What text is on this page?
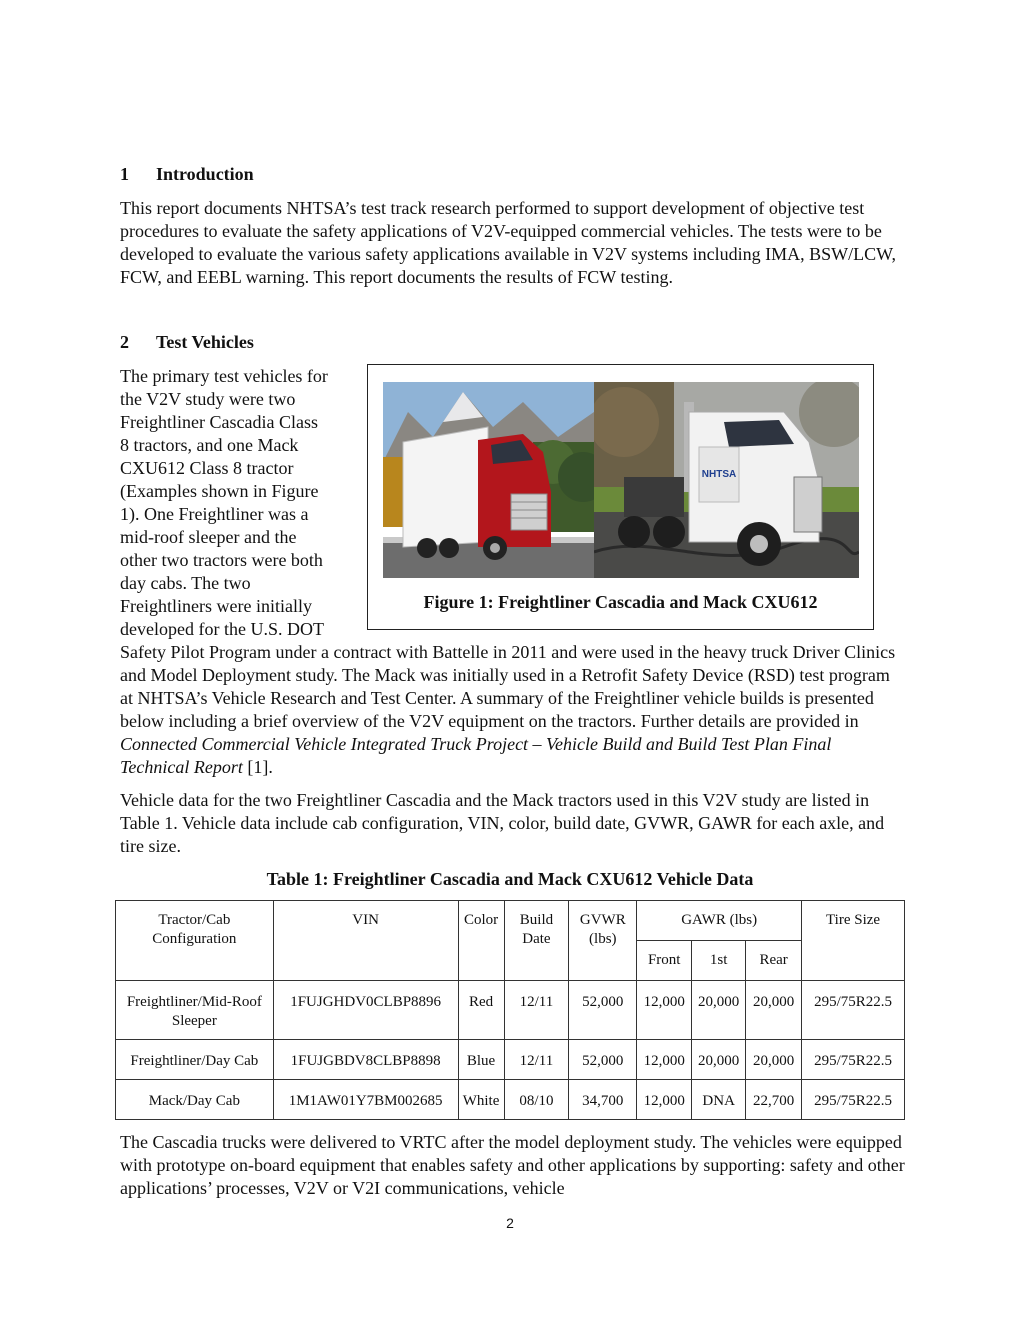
1 Introduction

This report documents NHTSA’s test track research performed to support development of objective test procedures to evaluate the safety applications of V2V-equipped commercial vehicles. The tests were to be developed to evaluate the various safety applications available in V2V systems including IMA, BSW/LCW, FCW, and EEBL warning. This report documents the results of FCW testing.

2 Test Vehicles
The primary test vehicles for
the V2V study were two
Freightliner Cascadia Class
8 tractors, and one Mack
CXU612 Class 8 tractor
(Examples shown in Figure
1). One Freightliner was a
mid-roof sleeper and the
other two tractors were both
day cabs. The two
Freightliners were initially
developed for the U.S. DOT

Safety Pilot Program under a contract with Battelle in 2011 and were used in the heavy truck Driver Clinics and Model Deployment study. The Mack was initially used in a Retrofit Safety Device (RSD) test program at NHTSA’s Vehicle Research and Test Center. A summary of the Freightliner vehicle builds is presented below including a brief overview of the V2V equipment on the tractors. Further details are provided in Connected Commercial Vehicle Integrated Truck Project – Vehicle Build and Build Test Plan Final Technical Report [1].

Vehicle data for the two Freightliner Cascadia and the Mack tractors used in this V2V study are listed in Table 1. Vehicle data include cab configuration, VIN, color, build date, GVWR, GAWR for each axle, and tire size.

NHTSA
Figure 1: Freightliner Cascadia and Mack CXU612
Table 1: Freightliner Cascadia and Mack CXU612 Vehicle Data
Tractor/Cab Configuration	VIN	Color	Build Date	GVWR (lbs)	GAWR (lbs)			Tire Size
					Front	1st	Rear	
Freightliner/Mid-Roof Sleeper	1FUJGHDV0CLBP8896	Red	12/11	52,000	12,000	20,000	20,000	295/75R22.5
Freightliner/Day Cab	1FUJGBDV8CLBP8898	Blue	12/11	52,000	12,000	20,000	20,000	295/75R22.5
Mack/Day Cab	1M1AW01Y7BM002685	White	08/10	34,700	12,000	DNA	22,700	295/75R22.5

The Cascadia trucks were delivered to VRTC after the model deployment study. The vehicles were equipped with prototype on-board equipment that enables safety and other applications by supporting: safety and other applications’ processes, V2V or V2I communications, vehicle

2
